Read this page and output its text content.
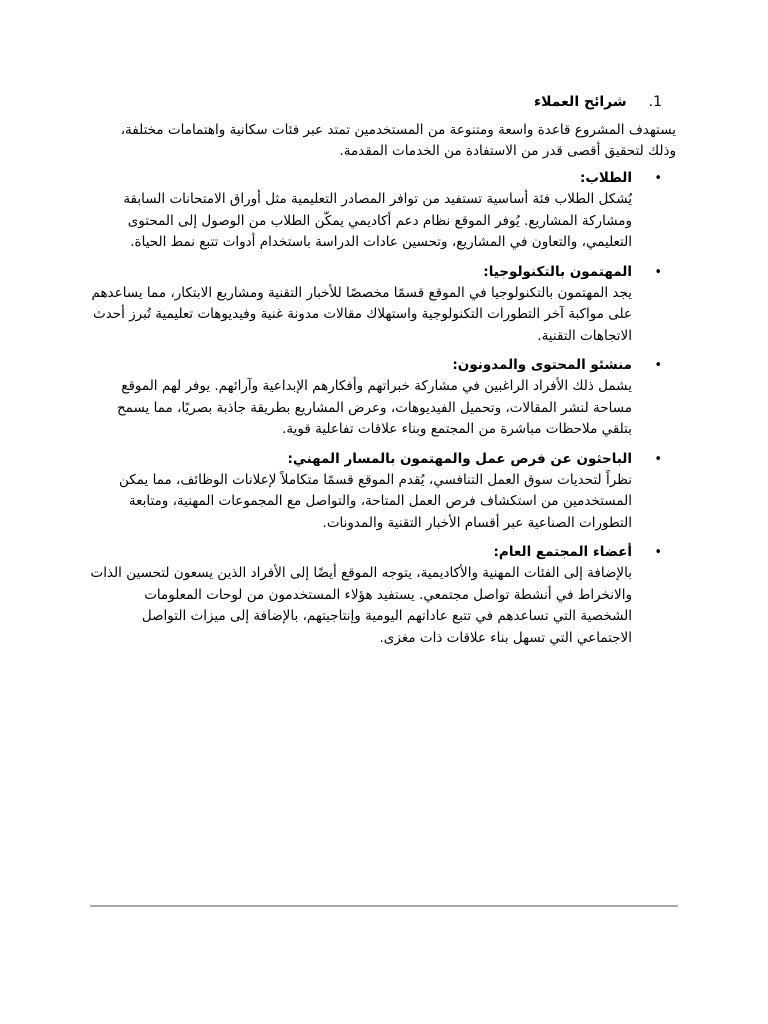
1.شرائح العملاء

يستهدف المشروع قاعدة واسعة ومتنوعة من المستخدمين تمتد عبر فئات سكانية واهتمامات مختلفة، وذلك لتحقيق أقصى قدر من الاستفادة من الخدمات المقدمة.

•
الطلاب:
يُشكل الطلاب فئة أساسية تستفيد من توافر المصادر التعليمية مثل أوراق الامتحانات السابقة ومشاركة المشاريع. يُوفر الموقع نظام دعم أكاديمي يمكّن الطلاب من الوصول إلى المحتوى التعليمي، والتعاون في المشاريع، وتحسين عادات الدراسة باستخدام أدوات تتبع نمط الحياة.
•
المهتمون بالتكنولوجيا:
يجد المهتمون بالتكنولوجيا في الموقع قسمًا مخصصًا للأخبار التقنية ومشاريع الابتكار، مما يساعدهم على مواكبة آخر التطورات التكنولوجية واستهلاك مقالات مدونة غنية وفيديوهات تعليمية تُبرز أحدث الاتجاهات التقنية.
•
منشئو المحتوى والمدونون:
يشمل ذلك الأفراد الراغبين في مشاركة خبراتهم وأفكارهم الإبداعية وآرائهم. يوفر لهم الموقع مساحة لنشر المقالات، وتحميل الفيديوهات، وعرض المشاريع بطريقة جاذبة بصريًا، مما يسمح بتلقي ملاحظات مباشرة من المجتمع وبناء علاقات تفاعلية قوية.
•
الباحثون عن فرص عمل والمهتمون بالمسار المهني:
نظراً لتحديات سوق العمل التنافسي، يُقدم الموقع قسمًا متكاملاً لإعلانات الوظائف، مما يمكن المستخدمين من استكشاف فرص العمل المتاحة، والتواصل مع المجموعات المهنية، ومتابعة التطورات الصناعية عبر أقسام الأخبار التقنية والمدونات.
•
أعضاء المجتمع العام:
بالإضافة إلى الفئات المهنية والأكاديمية، يتوجه الموقع أيضًا إلى الأفراد الذين يسعون لتحسين الذات والانخراط في أنشطة تواصل مجتمعي. يستفيد هؤلاء المستخدمون من لوحات المعلومات الشخصية التي تساعدهم في تتبع عاداتهم اليومية وإنتاجيتهم، بالإضافة إلى ميزات التواصل الاجتماعي التي تسهل بناء علاقات ذات مغزى.
